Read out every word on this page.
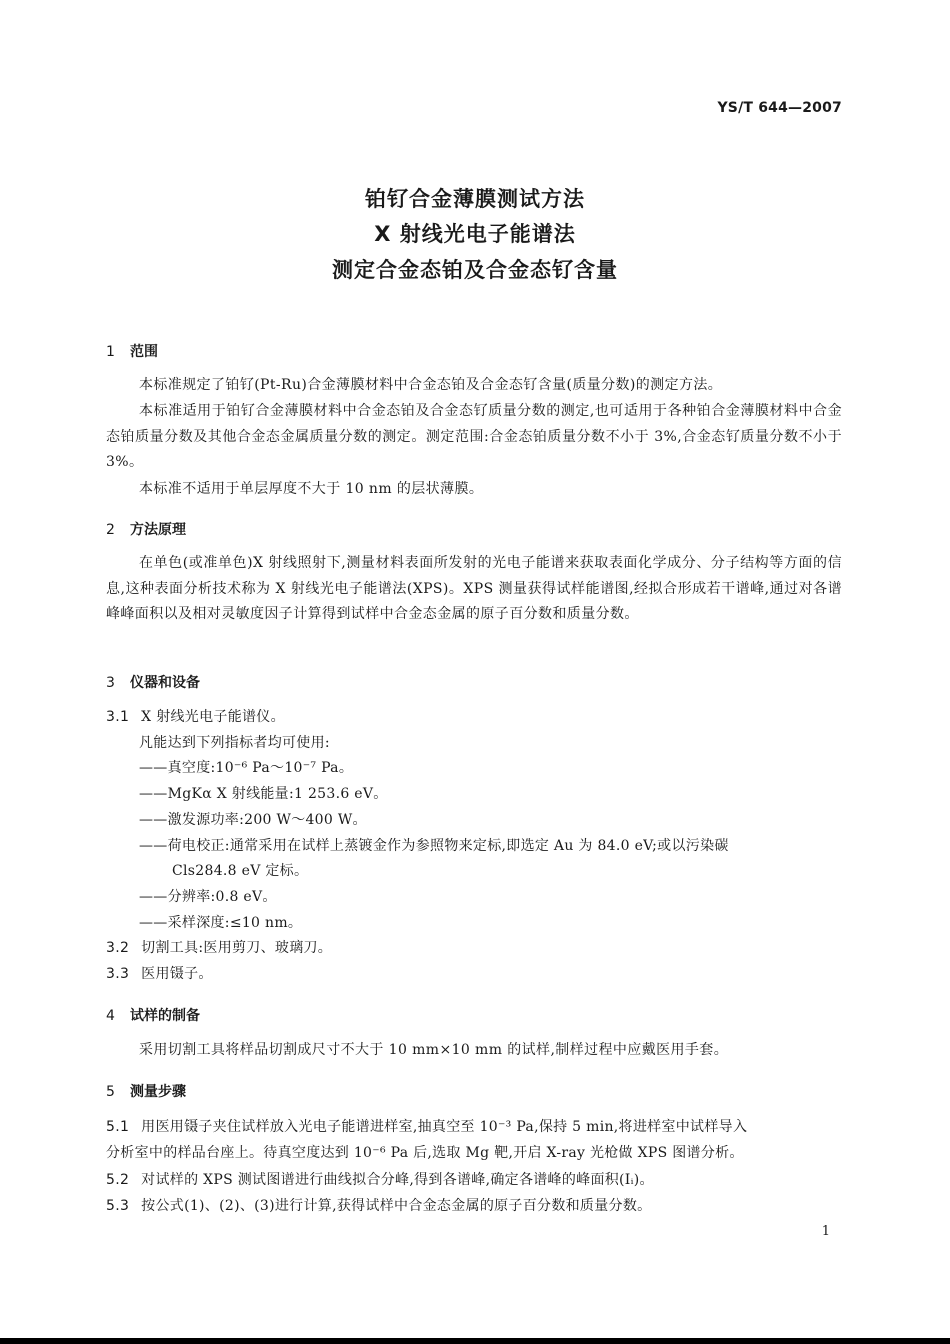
YS/T 644—2007
铂钌合金薄膜测试方法
X 射线光电子能谱法
测定合金态铂及合金态钌含量
1 范围
本标准规定了铂钌(Pt-Ru)合金薄膜材料中合金态铂及合金态钌含量(质量分数)的测定方法。
本标准适用于铂钌合金薄膜材料中合金态铂及合金态钌质量分数的测定,也可适用于各种铂合金薄膜材料中合金态铂质量分数及其他合金态金属质量分数的测定。测定范围:合金态铂质量分数不小于 3%,合金态钌质量分数不小于 3%。
本标准不适用于单层厚度不大于 10 nm 的层状薄膜。
2 方法原理
在单色(或准单色)X 射线照射下,测量材料表面所发射的光电子能谱来获取表面化学成分、分子结构等方面的信息,这种表面分析技术称为 X 射线光电子能谱法(XPS)。XPS 测量获得试样能谱图,经拟合形成若干谱峰,通过对各谱峰峰面积以及相对灵敏度因子计算得到试样中合金态金属的原子百分数和质量分数。
3 仪器和设备
3.1 X 射线光电子能谱仪。
凡能达到下列指标者均可使用:
——真空度:10⁻⁶ Pa～10⁻⁷ Pa。
——MgKα X 射线能量:1 253.6 eV。
——激发源功率:200 W～400 W。
——荷电校正:通常采用在试样上蒸镀金作为参照物来定标,即选定 Au 为 84.0 eV;或以污染碳
Cls284.8 eV 定标。
——分辨率:0.8 eV。
——采样深度:≤10 nm。
3.2 切割工具:医用剪刀、玻璃刀。
3.3 医用镊子。
4 试样的制备
采用切割工具将样品切割成尺寸不大于 10 mm×10 mm 的试样,制样过程中应戴医用手套。
5 测量步骤
5.1 用医用镊子夹住试样放入光电子能谱进样室,抽真空至 10⁻³ Pa,保持 5 min,将进样室中试样导入
分析室中的样品台座上。待真空度达到 10⁻⁶ Pa 后,选取 Mg 靶,开启 X-ray 光枪做 XPS 图谱分析。
5.2 对试样的 XPS 测试图谱进行曲线拟合分峰,得到各谱峰,确定各谱峰的峰面积(Iᵢ)。
5.3 按公式(1)、(2)、(3)进行计算,获得试样中合金态金属的原子百分数和质量分数。
1
